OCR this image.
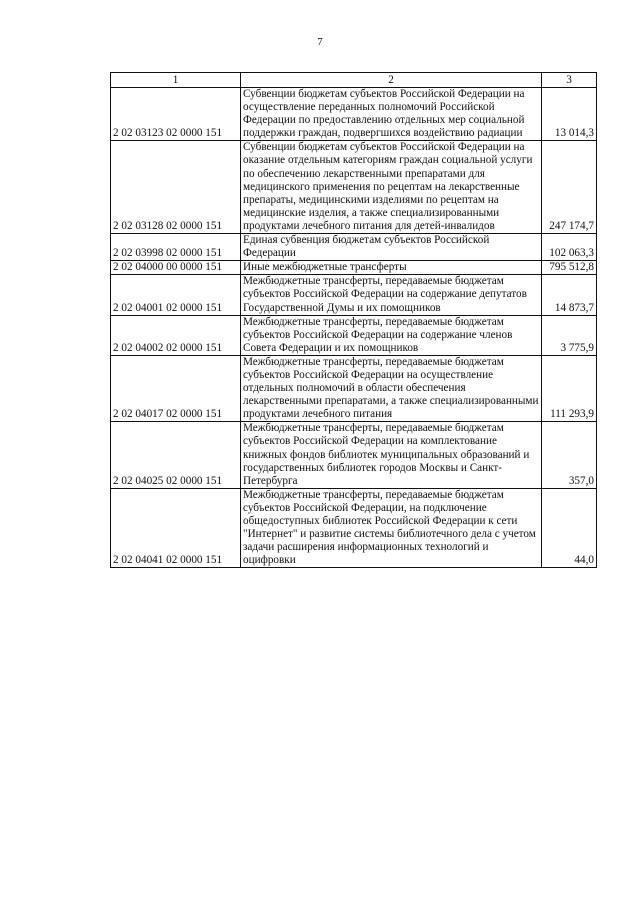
7
1	2	3
2 02 03123 02 0000 151	Субвенции бюджетам субъектов Российской Федерации на осуществление переданных полномочий Российской Федерации по предоставлению отдельных мер социальной поддержки граждан, подвергшихся воздействию радиации	13 014,3
2 02 03128 02 0000 151	Субвенции бюджетам субъектов Российской Федерации на оказание отдельным категориям граждан социальной услуги по обеспечению лекарственными препаратами для медицинского применения по рецептам на лекарственные препараты, медицинскими изделиями по рецептам на медицинские изделия, а также специализированными продуктами лечебного питания для детей-инвалидов	247 174,7
2 02 03998 02 0000 151	Единая субвенция бюджетам субъектов Российской Федерации	102 063,3
2 02 04000 00 0000 151	Иные межбюджетные трансферты	795 512,8
2 02 04001 02 0000 151	Межбюджетные трансферты, передаваемые бюджетам субъектов Российской Федерации на содержание депутатов Государственной Думы и их помощников	14 873,7
2 02 04002 02 0000 151	Межбюджетные трансферты, передаваемые бюджетам субъектов Российской Федерации на содержание членов Совета Федерации и их помощников	3 775,9
2 02 04017 02 0000 151	Межбюджетные трансферты, передаваемые бюджетам субъектов Российской Федерации на осуществление отдельных полномочий в области обеспечения лекарственными препаратами, а также специализированными продуктами лечебного питания	111 293,9
2 02 04025 02 0000 151	Межбюджетные трансферты, передаваемые бюджетам субъектов Российской Федерации на комплектование книжных фондов библиотек муниципальных образований и государственных библиотек городов Москвы и Санкт-Петербурга	357,0
2 02 04041 02 0000 151	Межбюджетные трансферты, передаваемые бюджетам субъектов Российской Федерации, на подключение общедоступных библиотек Российской Федерации к сети "Интернет" и развитие системы библиотечного дела с учетом задачи расширения информационных технологий и оцифровки	44,0
